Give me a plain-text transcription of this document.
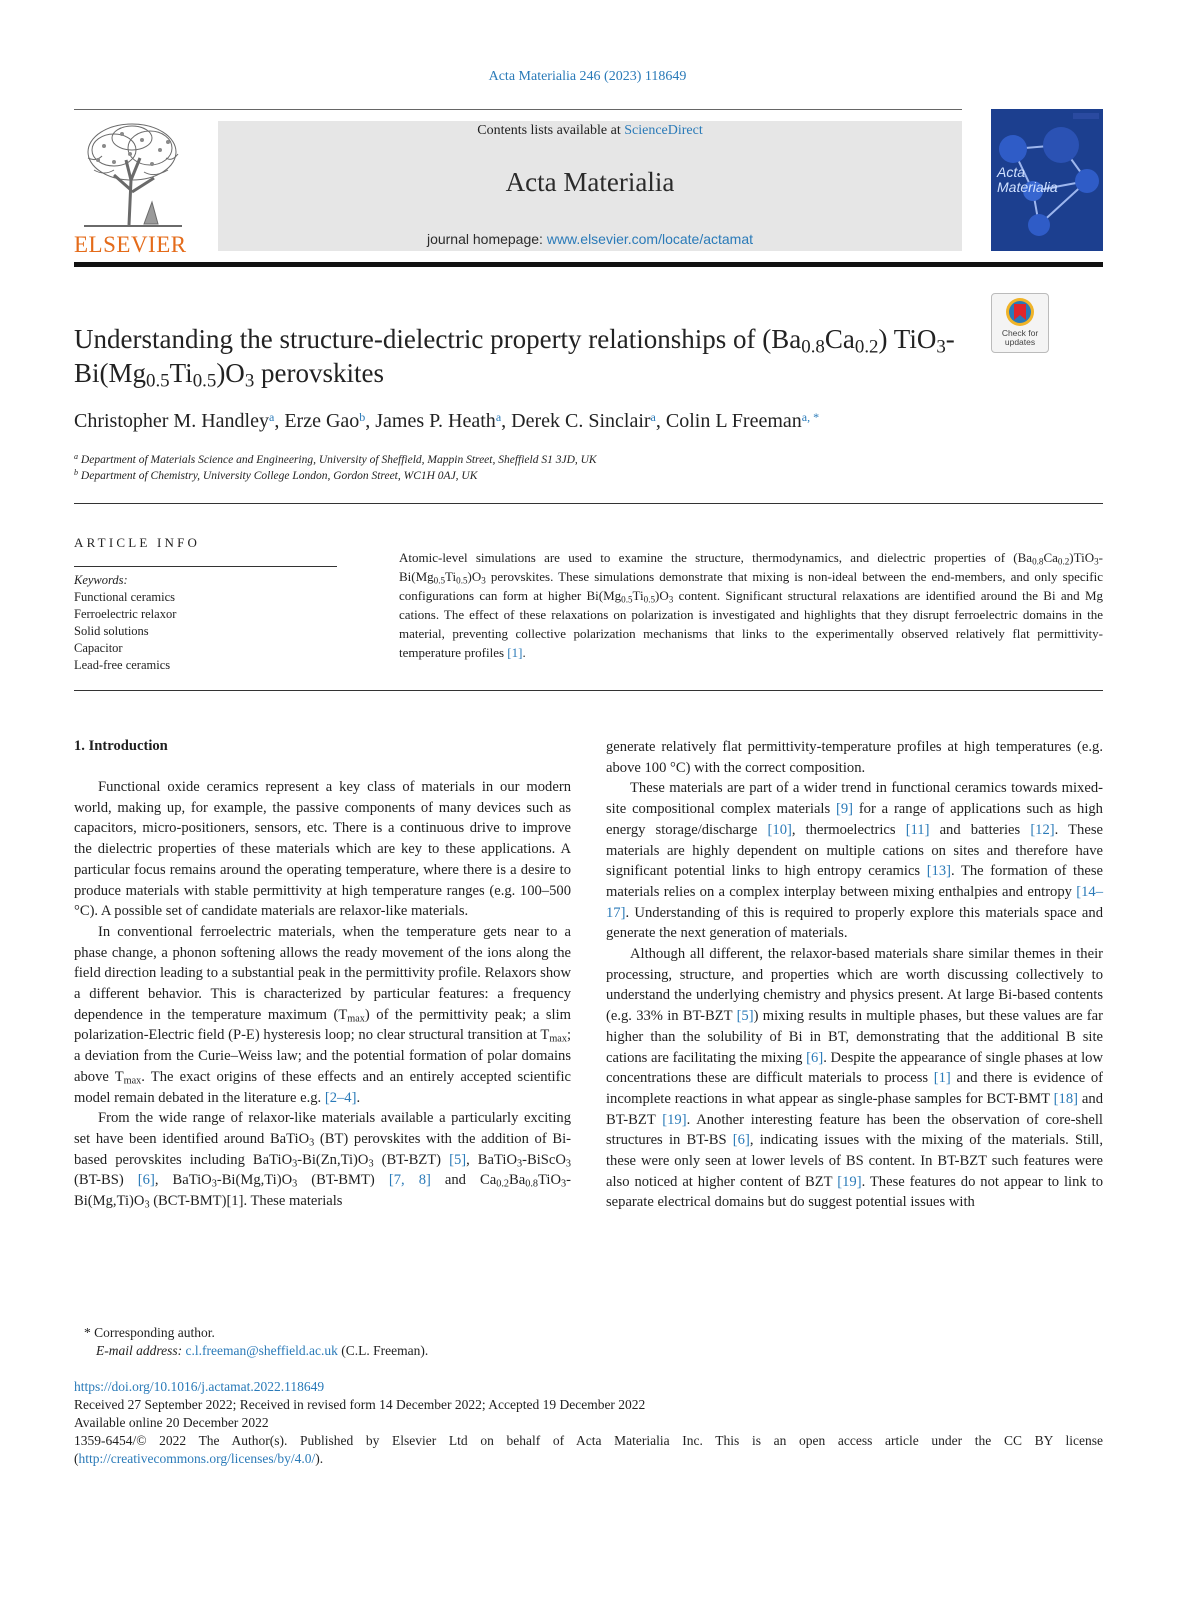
Acta Materialia 246 (2023) 118649
ELSEVIER
Contents lists available at ScienceDirect
Acta Materialia
journal homepage: www.elsevier.com/locate/actamat
Acta
Materialia
Check for updates
Understanding the structure-dielectric property relationships of $(Ba_{0.8}Ca_{0.2})$ $TiO_3-Bi(Mg_{0.5}Ti_{0.5})O_3$ perovskites
Christopher M. Handley$^a$, Erze Gao$^b$, James P. Heath$^a$, Derek C. Sinclair$^a$, Colin L Freeman$^{a, *}$
$^a$ Department of Materials Science and Engineering, University of Sheffield, Mappin Street, Sheffield S1 3JD, UK
$^b$ Department of Chemistry, University College London, Gordon Street, WC1H 0AJ, UK
ARTICLE INFO
Keywords:
Functional ceramics
Ferroelectric relaxor
Solid solutions
Capacitor
Lead-free ceramics
Atomic-level simulations are used to examine the structure, thermodynamics, and dielectric properties of $(Ba_{0.8}Ca_{0.2})TiO_3-Bi(Mg_{0.5}Ti_{0.5})O_3$ perovskites. These simulations demonstrate that mixing is non-ideal between the end-members, and only specific configurations can form at higher $Bi(Mg_{0.5}Ti_{0.5})O_3$ content. Significant structural relaxations are identified around the Bi and Mg cations. The effect of these relaxations on polarization is investigated and highlights that they disrupt ferroelectric domains in the material, preventing collective polarization mechanisms that links to the experimentally observed relatively flat permittivity-temperature profiles [1].
1. Introduction

Functional oxide ceramics represent a key class of materials in our modern world, making up, for example, the passive components of many devices such as capacitors, micro-positioners, sensors, etc. There is a continuous drive to improve the dielectric properties of these materials which are key to these applications. A particular focus remains around the operating temperature, where there is a desire to produce materials with stable permittivity at high temperature ranges (e.g. 100–500 °C). A possible set of candidate materials are relaxor-like materials.

In conventional ferroelectric materials, when the temperature gets near to a phase change, a phonon softening allows the ready movement of the ions along the field direction leading to a substantial peak in the permittivity profile. Relaxors show a different behavior. This is characterized by particular features: a frequency dependence in the temperature maximum $(T_{max})$ of the permittivity peak; a slim polarization-Electric field (P-E) hysteresis loop; no clear structural transition at $T_{max}$; a deviation from the Curie–Weiss law; and the potential formation of polar domains above $T_{max}$. The exact origins of these effects and an entirely accepted scientific model remain debated in the literature e.g. [2–4].

From the wide range of relaxor-like materials available a particularly exciting set have been identified around BaTiO$_3$ (BT) perovskites with the addition of Bi-based perovskites including $BaTiO_3-Bi(Zn,Ti)O_3$ (BT-BZT) [5], BaTiO$_3$-BiScO$_3$ (BT-BS) [6], $BaTiO_3-Bi(Mg,Ti)O_3$ (BT-BMT) [7, 8] and $Ca_{0.2}Ba_{0.8}TiO_3-Bi(Mg,Ti)O_3$ (BCT-BMT)[1]. These materials

generate relatively flat permittivity-temperature profiles at high temperatures (e.g. above 100 °C) with the correct composition.

These materials are part of a wider trend in functional ceramics towards mixed-site compositional complex materials [9] for a range of applications such as high energy storage/discharge [10], thermoelectrics [11] and batteries [12]. These materials are highly dependent on multiple cations on sites and therefore have significant potential links to high entropy ceramics [13]. The formation of these materials relies on a complex interplay between mixing enthalpies and entropy [14–17]. Understanding of this is required to properly explore this materials space and generate the next generation of materials.

Although all different, the relaxor-based materials share similar themes in their processing, structure, and properties which are worth discussing collectively to understand the underlying chemistry and physics present. At large Bi-based contents (e.g. 33% in BT-BZT [5]) mixing results in multiple phases, but these values are far higher than the solubility of Bi in BT, demonstrating that the additional B site cations are facilitating the mixing [6]. Despite the appearance of single phases at low concentrations these are difficult materials to process [1] and there is evidence of incomplete reactions in what appear as single-phase samples for BCT-BMT [18] and BT-BZT [19]. Another interesting feature has been the observation of core-shell structures in BT-BS [6], indicating issues with the mixing of the materials. Still, these were only seen at lower levels of BS content. In BT-BZT such features were also noticed at higher content of BZT [19]. These features do not appear to link to separate electrical domains but do suggest potential issues with

* Corresponding author.
E-mail address: c.l.freeman@sheffield.ac.uk (C.L. Freeman).
https://doi.org/10.1016/j.actamat.2022.118649
Received 27 September 2022; Received in revised form 14 December 2022; Accepted 19 December 2022
Available online 20 December 2022
1359-6454/© 2022 The Author(s). Published by Elsevier Ltd on behalf of Acta Materialia Inc. This is an open access article under the CC BY license
(http://creativecommons.org/licenses/by/4.0/).
